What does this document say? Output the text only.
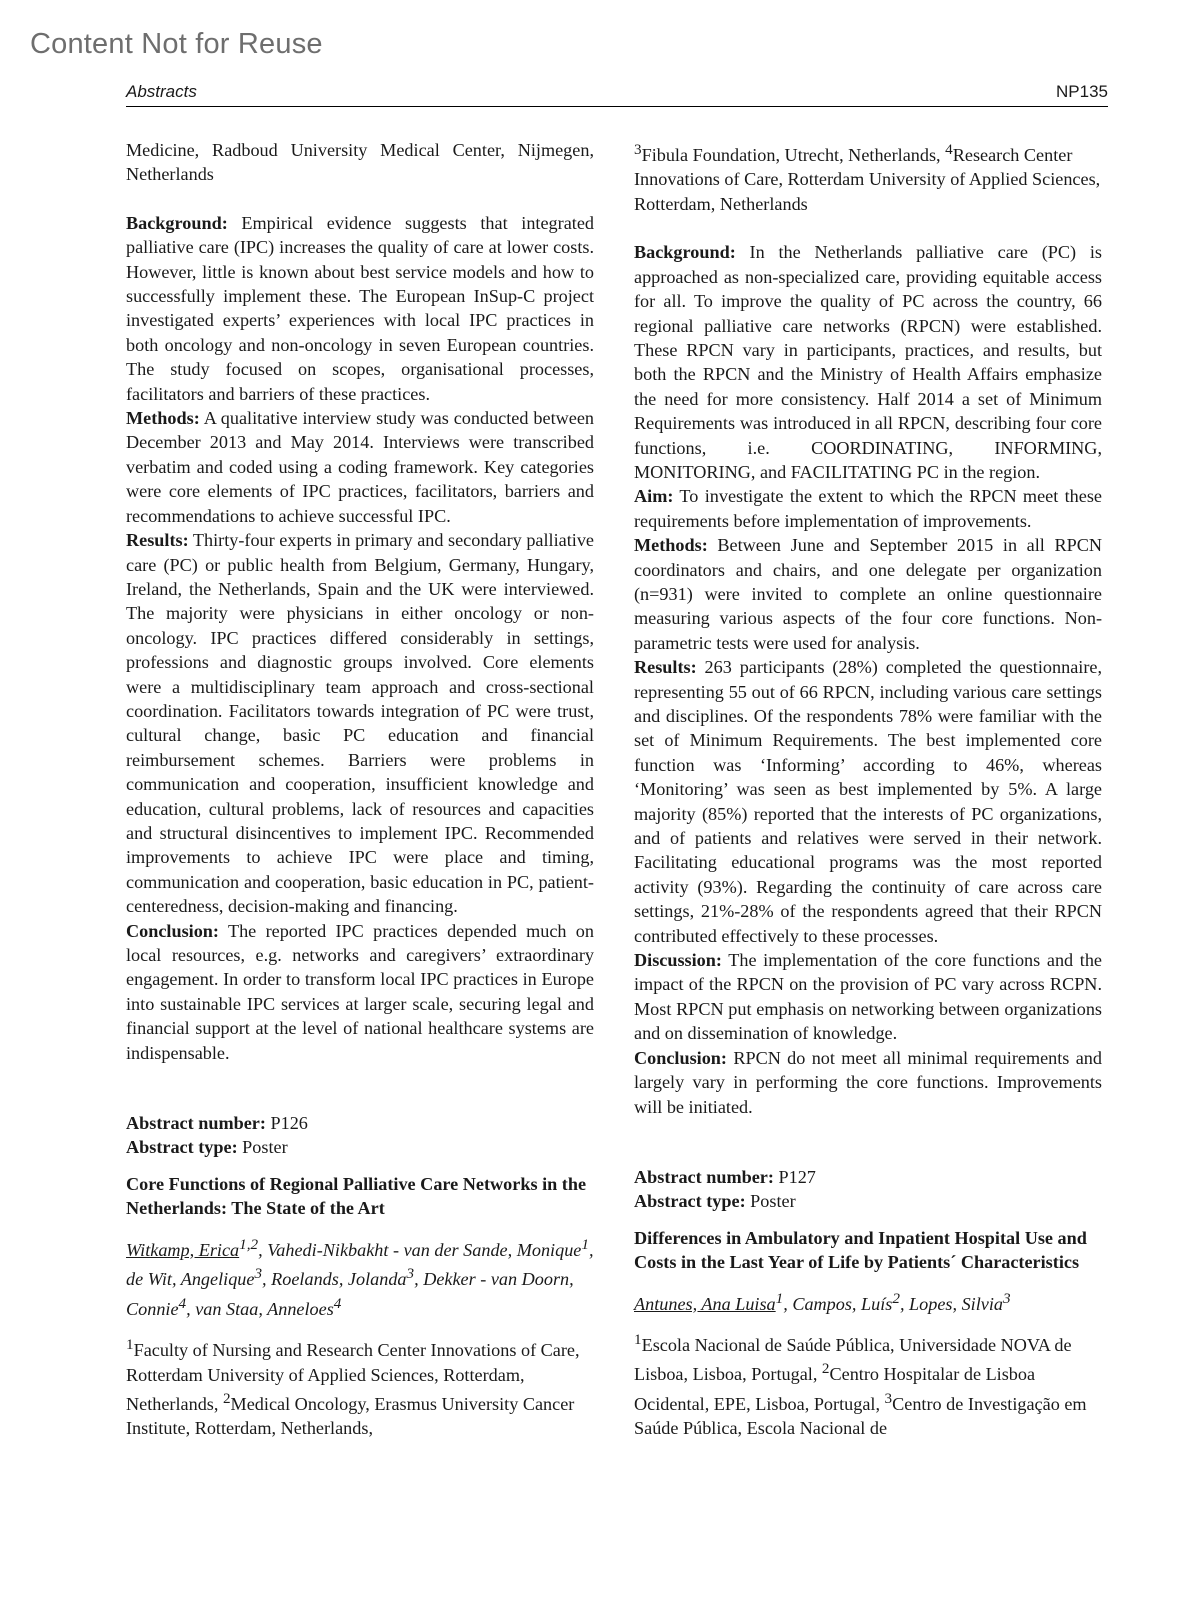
Content Not for Reuse
Abstracts	NP135

Medicine, Radboud University Medical Center, Nijmegen, Netherlands

Background: Empirical evidence suggests that integrated palliative care (IPC) increases the quality of care at lower costs. However, little is known about best service models and how to successfully implement these. The European InSup-C project investigated experts’ experiences with local IPC practices in both oncology and non-oncology in seven European countries. The study focused on scopes, organisational processes, facilitators and barriers of these practices.

Methods: A qualitative interview study was conducted between December 2013 and May 2014. Interviews were transcribed verbatim and coded using a coding framework. Key categories were core elements of IPC practices, facilitators, barriers and recommendations to achieve successful IPC.

Results: Thirty-four experts in primary and secondary palliative care (PC) or public health from Belgium, Germany, Hungary, Ireland, the Netherlands, Spain and the UK were interviewed. The majority were physicians in either oncology or non-oncology. IPC practices differed considerably in settings, professions and diagnostic groups involved. Core elements were a multidisciplinary team approach and cross-sectional coordination. Facilitators towards integration of PC were trust, cultural change, basic PC education and financial reimbursement schemes. Barriers were problems in communication and cooperation, insufficient knowledge and education, cultural problems, lack of resources and capacities and structural disincentives to implement IPC. Recommended improvements to achieve IPC were place and timing, communication and cooperation, basic education in PC, patient-centeredness, decision-making and financing.

Conclusion: The reported IPC practices depended much on local resources, e.g. networks and caregivers’ extraordinary engagement. In order to transform local IPC practices in Europe into sustainable IPC services at larger scale, securing legal and financial support at the level of national healthcare systems are indispensable.

Abstract number: P126

Abstract type: Poster

Core Functions of Regional Palliative Care Networks in the Netherlands: The State of the Art

Witkamp, Erica$^{1,2}$, Vahedi-Nikbakht - van der Sande, Monique$^1$, de Wit, Angelique$^3$, Roelands, Jolanda$^3$, Dekker - van Doorn, Connie$^4$, van Staa, Anneloes$^4$

$^1$Faculty of Nursing and Research Center Innovations of Care, Rotterdam University of Applied Sciences, Rotterdam, Netherlands, $^2$Medical Oncology, Erasmus University Cancer Institute, Rotterdam, Netherlands,

$^3$Fibula Foundation, Utrecht, Netherlands, $^4$Research Center Innovations of Care, Rotterdam University of Applied Sciences, Rotterdam, Netherlands

Background: In the Netherlands palliative care (PC) is approached as non-specialized care, providing equitable access for all. To improve the quality of PC across the country, 66 regional palliative care networks (RPCN) were established. These RPCN vary in participants, practices, and results, but both the RPCN and the Ministry of Health Affairs emphasize the need for more consistency. Half 2014 a set of Minimum Requirements was introduced in all RPCN, describing four core functions, i.e. COORDINATING, INFORMING, MONITORING, and FACILITATING PC in the region.

Aim: To investigate the extent to which the RPCN meet these requirements before implementation of improvements.

Methods: Between June and September 2015 in all RPCN coordinators and chairs, and one delegate per organization (n=931) were invited to complete an online questionnaire measuring various aspects of the four core functions. Non-parametric tests were used for analysis.

Results: 263 participants (28%) completed the questionnaire, representing 55 out of 66 RPCN, including various care settings and disciplines. Of the respondents 78% were familiar with the set of Minimum Requirements. The best implemented core function was ‘Informing’ according to 46%, whereas ‘Monitoring’ was seen as best implemented by 5%. A large majority (85%) reported that the interests of PC organizations, and of patients and relatives were served in their network. Facilitating educational programs was the most reported activity (93%). Regarding the continuity of care across care settings, 21%-28% of the respondents agreed that their RPCN contributed effectively to these processes.

Discussion: The implementation of the core functions and the impact of the RPCN on the provision of PC vary across RCPN. Most RPCN put emphasis on networking between organizations and on dissemination of knowledge.

Conclusion: RPCN do not meet all minimal requirements and largely vary in performing the core functions. Improvements will be initiated.

Abstract number: P127

Abstract type: Poster

Differences in Ambulatory and Inpatient Hospital Use and Costs in the Last Year of Life by Patients´ Characteristics

Antunes, Ana Luisa$^1$, Campos, Luís$^2$, Lopes, Silvia$^3$

$^1$Escola Nacional de Saúde Pública, Universidade NOVA de Lisboa, Lisboa, Portugal, $^2$Centro Hospitalar de Lisboa Ocidental, EPE, Lisboa, Portugal, $^3$Centro de Investigação em Saúde Pública, Escola Nacional de
